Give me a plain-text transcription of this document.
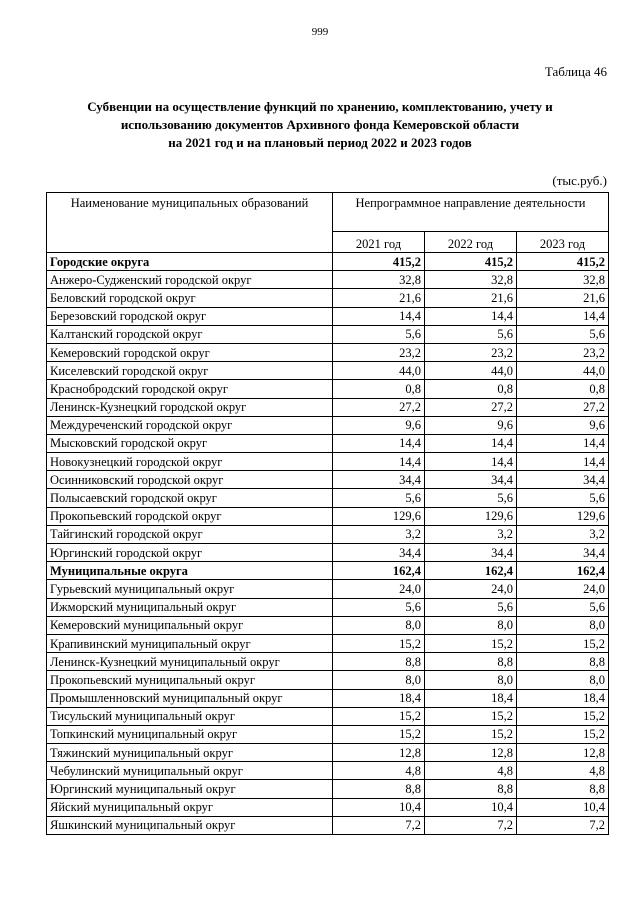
999
Таблица 46
Субвенции на осуществление функций по хранению, комплектованию, учету и
использованию документов Архивного фонда Кемеровской области
на 2021 год и на плановый период 2022 и 2023 годов
(тыс.руб.)
Наименование муниципальных образований	Непрограммное направление деятельности		
	2021 год	2022 год	2023 год
Городские округа	415,2	415,2	415,2
Анжеро-Судженский городской округ	32,8	32,8	32,8
Беловский городской округ	21,6	21,6	21,6
Березовский городской округ	14,4	14,4	14,4
Калтанский городской округ	5,6	5,6	5,6
Кемеровский городской округ	23,2	23,2	23,2
Киселевский городской округ	44,0	44,0	44,0
Краснобродский городской округ	0,8	0,8	0,8
Ленинск-Кузнецкий городской округ	27,2	27,2	27,2
Междуреченский городской округ	9,6	9,6	9,6
Мысковский городской округ	14,4	14,4	14,4
Новокузнецкий городской округ	14,4	14,4	14,4
Осинниковский городской округ	34,4	34,4	34,4
Полысаевский городской округ	5,6	5,6	5,6
Прокопьевский городской округ	129,6	129,6	129,6
Тайгинский городской округ	3,2	3,2	3,2
Юргинский городской округ	34,4	34,4	34,4
Муниципальные округа	162,4	162,4	162,4
Гурьевский муниципальный округ	24,0	24,0	24,0
Ижморский муниципальный округ	5,6	5,6	5,6
Кемеровский муниципальный округ	8,0	8,0	8,0
Крапивинский муниципальный округ	15,2	15,2	15,2
Ленинск-Кузнецкий муниципальный округ	8,8	8,8	8,8
Прокопьевский муниципальный округ	8,0	8,0	8,0
Промышленновский муниципальный округ	18,4	18,4	18,4
Тисульский муниципальный округ	15,2	15,2	15,2
Топкинский муниципальный округ	15,2	15,2	15,2
Тяжинский муниципальный округ	12,8	12,8	12,8
Чебулинский муниципальный округ	4,8	4,8	4,8
Юргинский муниципальный округ	8,8	8,8	8,8
Яйский муниципальный округ	10,4	10,4	10,4
Яшкинский муниципальный округ	7,2	7,2	7,2
